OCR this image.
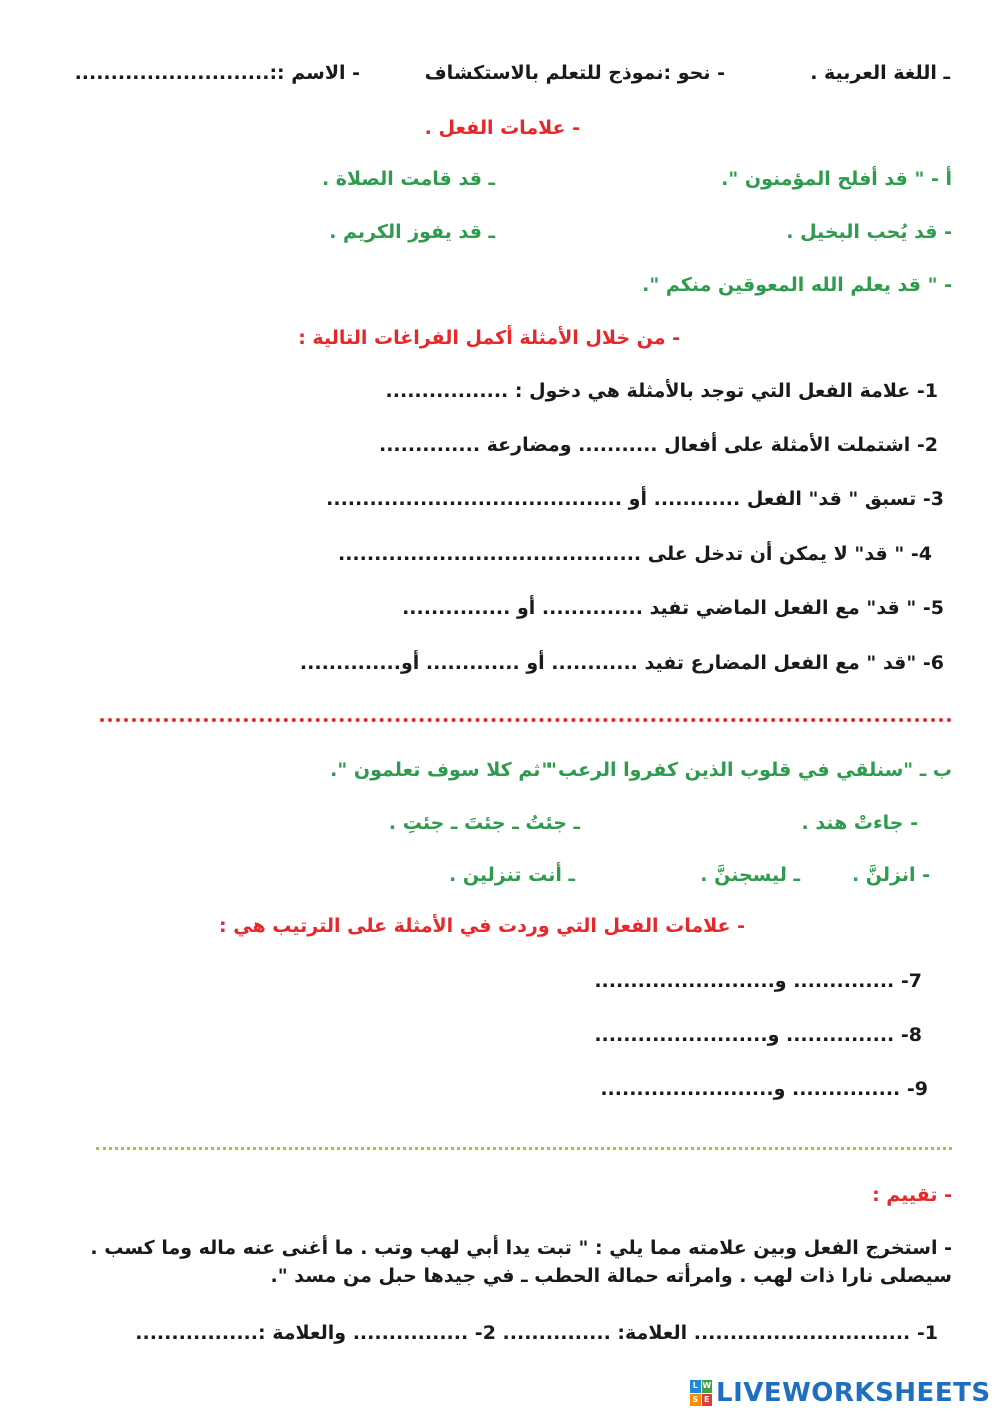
ـ اللغة العربية .
- نحو :نموذج للتعلم بالاستكشاف
- الاسم ::...........................
- علامات الفعل .
أ - " قد أفلح المؤمنون ".
ـ قد قامت الصلاة .
- قد يُحب البخيل .
ـ قد يفوز الكريم .
- " قد يعلم الله المعوقين منكم ".
- من خلال الأمثلة أكمل الفراغات التالية :
1- علامة الفعل التي توجد بالأمثلة هي دخول : .................
2- اشتملت الأمثلة على أفعال ........... ومضارعة ..............
3- تسبق " قد" الفعل ............ أو .........................................
4- " قد" لا يمكن أن تدخل على ..........................................
5- " قد" مع الفعل الماضي تفيد .............. أو ...............
6- "قد " مع الفعل المضارع تفيد ............ أو ............. أو..............
ب ـ "سنلقي في قلوب الذين كفروا الرعب "
ـ " ثم كلا سوف تعلمون ".
- جاءتْ هند .
ـ جئتُ ـ جئتَ ـ جئتِ .
- انزلنَّ .
ـ ليسجننَّ .
ـ أنت تنزلين .
- علامات الفعل التي وردت في الأمثلة على الترتيب هي :
7- .............. و.........................
8- ............... و........................
9- ............... و........................
- تقييم :
- استخرج الفعل وبين علامته مما يلي : " تبت يدا أبي لهب وتب . ما أغنى عنه ماله وما كسب . سيصلى نارا ذات لهب . وامرأته حمالة الحطب ـ في جيدها حبل من مسد ".
1- .............................. العلامة: ............... 2- ................ والعلامة :.................
L W
S E LIVEWORKSHEETS
